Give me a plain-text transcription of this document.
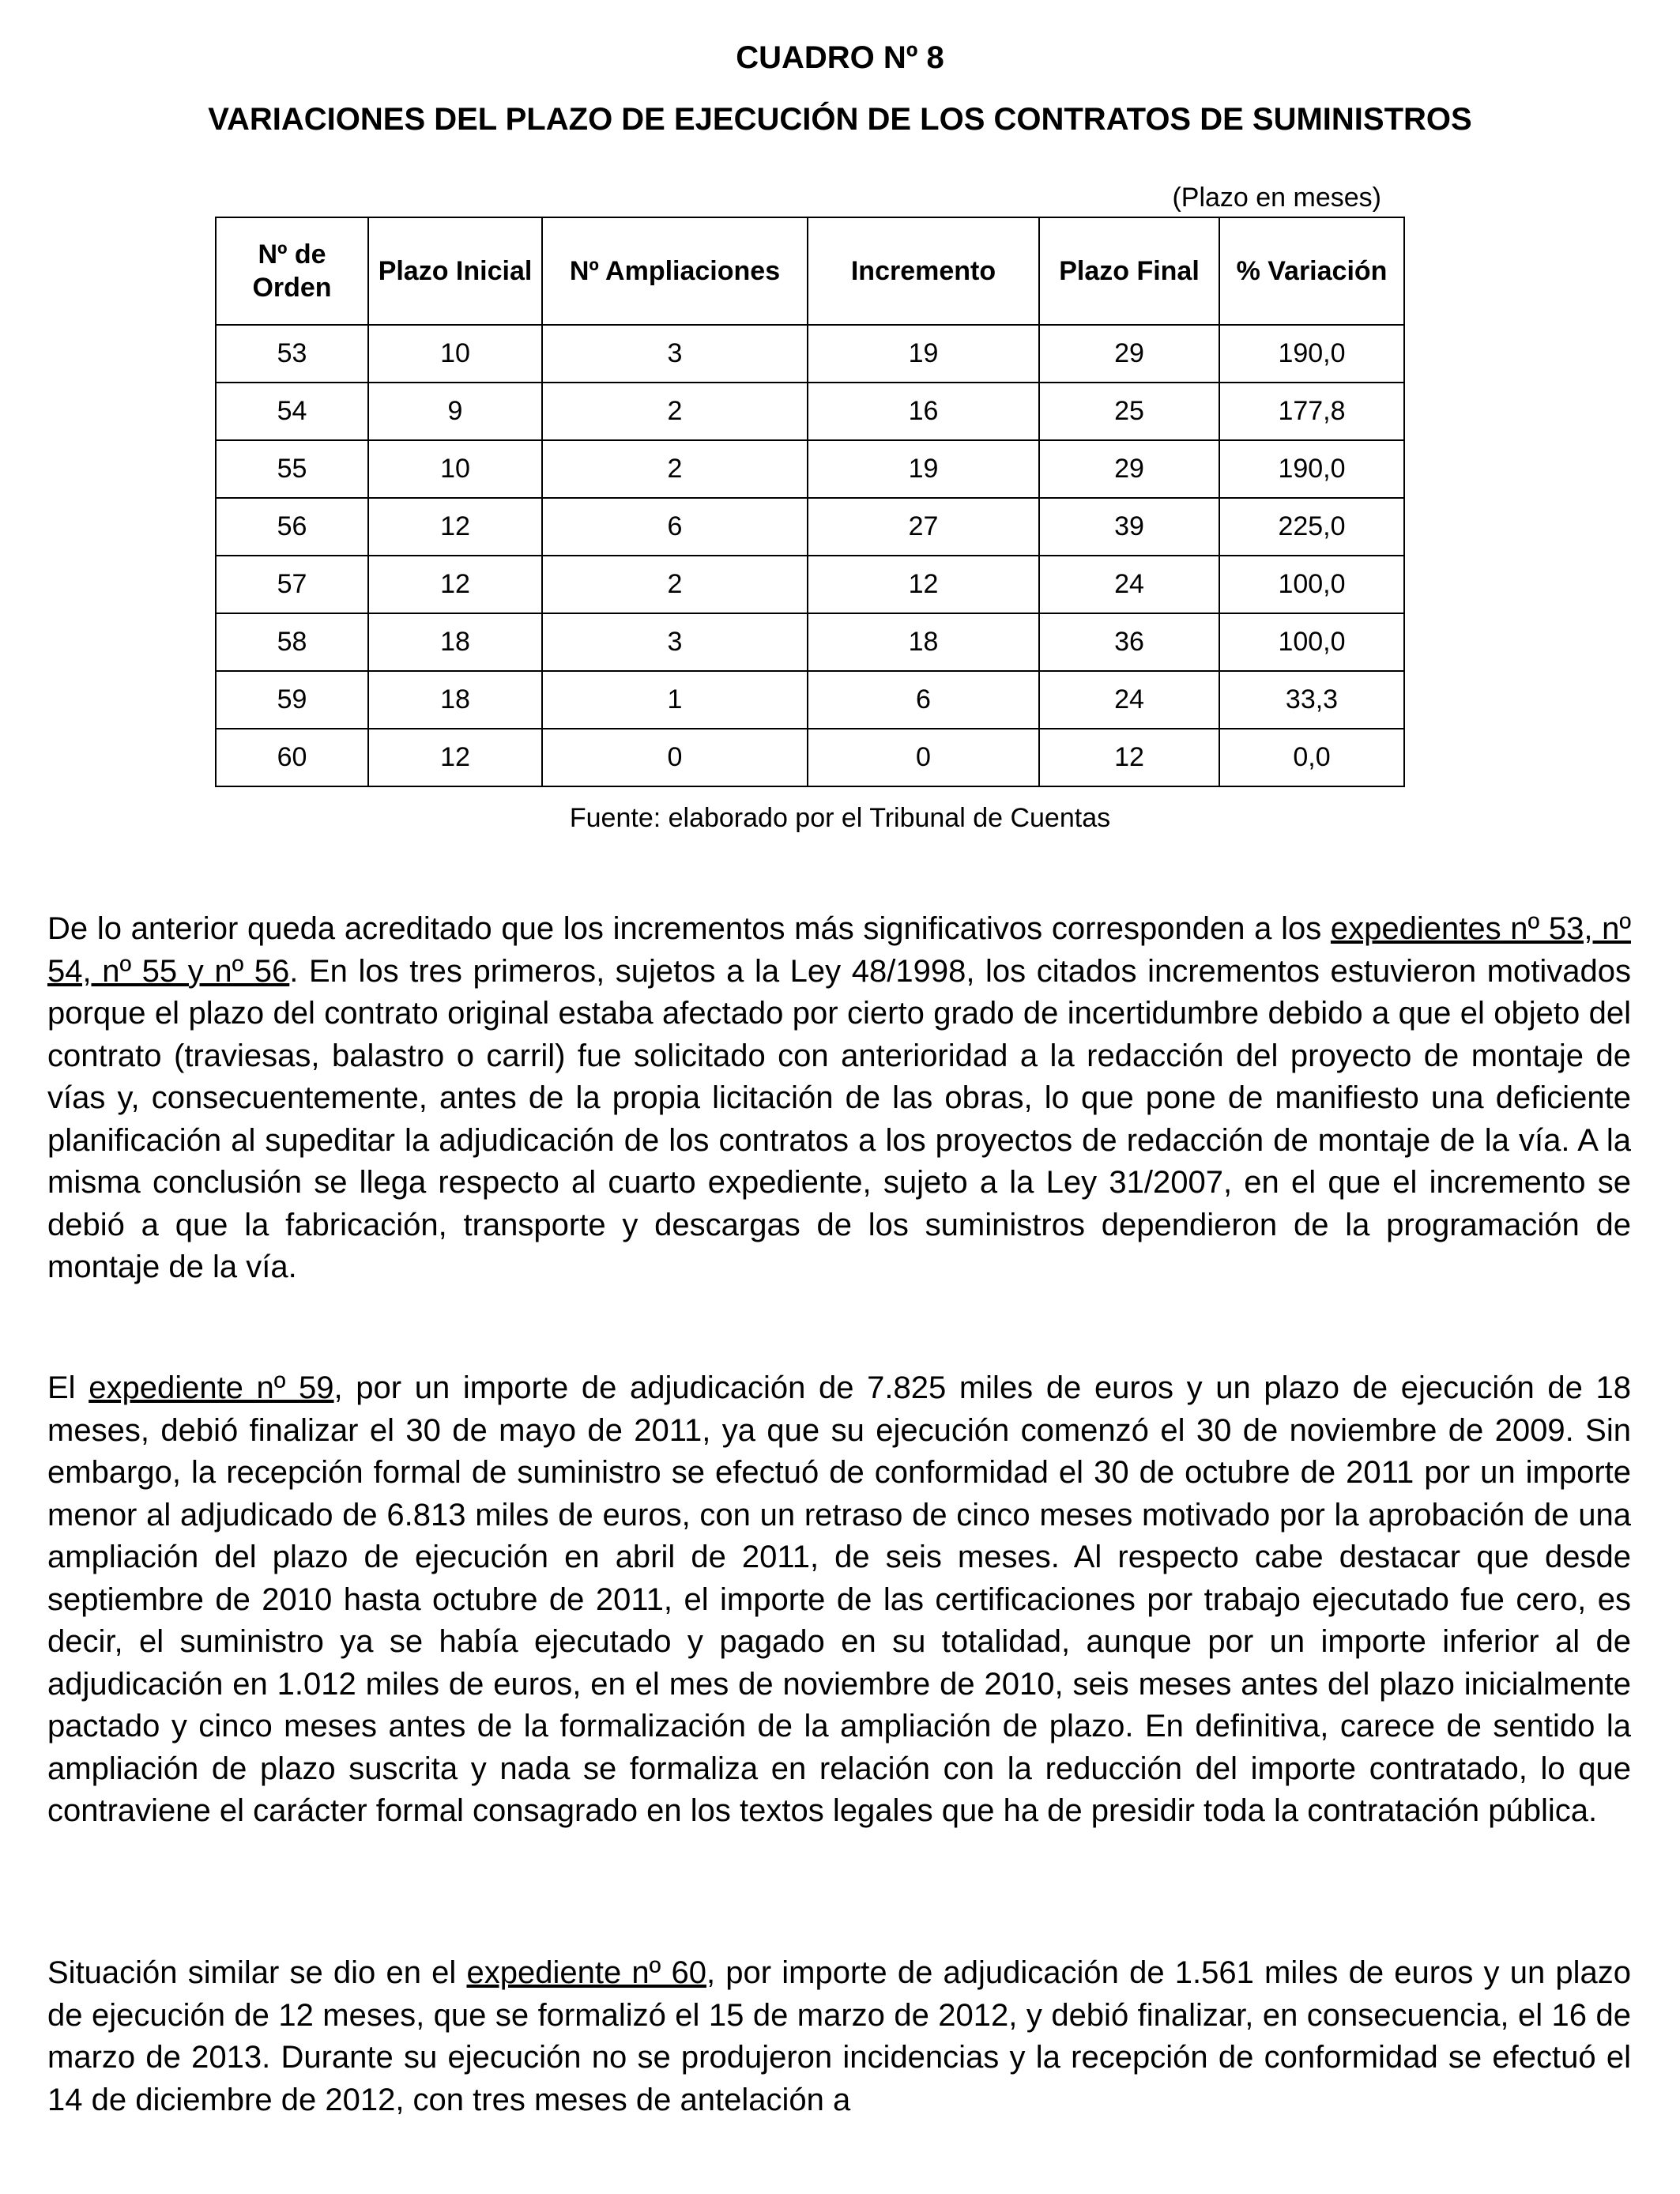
CUADRO Nº 8
VARIACIONES DEL PLAZO DE EJECUCIÓN DE LOS CONTRATOS DE SUMINISTROS
(Plazo en meses)
Nº de Orden	Plazo Inicial	Nº Ampliaciones	Incremento	Plazo Final	% Variación
53	10	3	19	29	190,0
54	9	2	16	25	177,8
55	10	2	19	29	190,0
56	12	6	27	39	225,0
57	12	2	12	24	100,0
58	18	3	18	36	100,0
59	18	1	6	24	33,3
60	12	0	0	12	0,0
Fuente: elaborado por el Tribunal de Cuentas

De lo anterior queda acreditado que los incrementos más significativos corresponden a los expedientes nº 53, nº 54, nº 55 y nº 56. En los tres primeros, sujetos a la Ley 48/1998, los citados incrementos estuvieron motivados porque el plazo del contrato original estaba afectado por cierto grado de incertidumbre debido a que el objeto del contrato (traviesas, balastro o carril) fue solicitado con anterioridad a la redacción del proyecto de montaje de vías y, consecuentemente, antes de la propia licitación de las obras, lo que pone de manifiesto una deficiente planificación al supeditar la adjudicación de los contratos a los proyectos de redacción de montaje de la vía. A la misma conclusión se llega respecto al cuarto expediente, sujeto a la Ley 31/2007, en el que el incremento se debió a que la fabricación, transporte y descargas de los suministros dependieron de la programación de montaje de la vía.

El expediente nº 59, por un importe de adjudicación de 7.825 miles de euros y un plazo de ejecución de 18 meses, debió finalizar el 30 de mayo de 2011, ya que su ejecución comenzó el 30 de noviembre de 2009. Sin embargo, la recepción formal de suministro se efectuó de conformidad el 30 de octubre de 2011 por un importe menor al adjudicado de 6.813 miles de euros, con un retraso de cinco meses motivado por la aprobación de una ampliación del plazo de ejecución en abril de 2011, de seis meses. Al respecto cabe destacar que desde septiembre de 2010 hasta octubre de 2011, el importe de las certificaciones por trabajo ejecutado fue cero, es decir, el suministro ya se había ejecutado y pagado en su totalidad, aunque por un importe inferior al de adjudicación en 1.012 miles de euros, en el mes de noviembre de 2010, seis meses antes del plazo inicialmente pactado y cinco meses antes de la formalización de la ampliación de plazo. En definitiva, carece de sentido la ampliación de plazo suscrita y nada se formaliza en relación con la reducción del importe contratado, lo que contraviene el carácter formal consagrado en los textos legales que ha de presidir toda la contratación pública.

Situación similar se dio en el expediente nº 60, por importe de adjudicación de 1.561 miles de euros y un plazo de ejecución de 12 meses, que se formalizó el 15 de marzo de 2012, y debió finalizar, en consecuencia, el 16 de marzo de 2013. Durante su ejecución no se produjeron incidencias y la recepción de conformidad se efectuó el 14 de diciembre de 2012, con tres meses de antelación a
